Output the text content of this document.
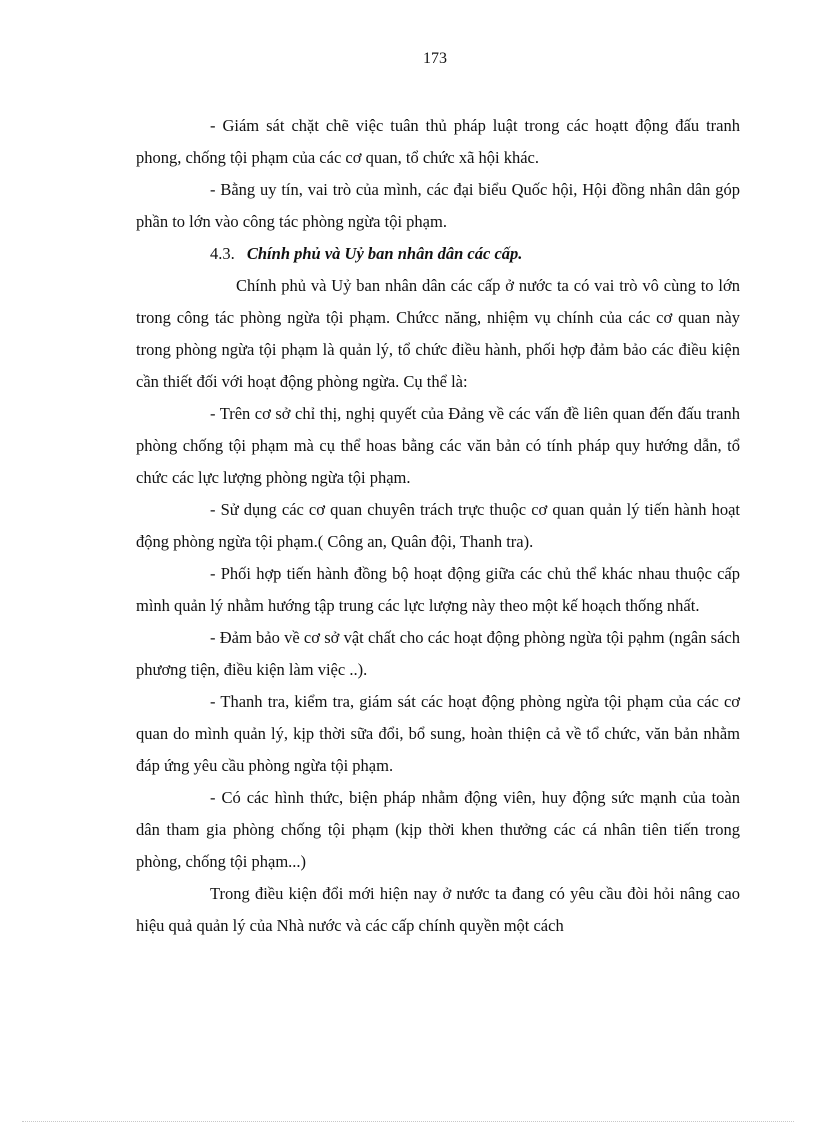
173

- Giám sát chặt chẽ việc tuân thủ pháp luật trong các hoạtt động đấu tranh phong, chống tội phạm của các cơ quan, tổ chức xã hội khác.

- Bằng uy tín, vai trò của mình, các đại biểu Quốc hội, Hội đồng nhân dân góp phần to lớn vào công tác phòng ngừa tội phạm.

4.3. Chính phủ và Uỷ ban nhân dân các cấp.

Chính phủ và Uỷ ban nhân dân các cấp ở nước ta có vai trò vô cùng to lớn trong công tác phòng ngừa tội phạm. Chứcc năng, nhiệm vụ chính của các cơ quan này trong phòng ngừa tội phạm là quản lý, tổ chức điều hành, phối hợp đảm bảo các điều kiện cần thiết đối với hoạt động phòng ngừa. Cụ thể là:

- Trên cơ sở chỉ thị, nghị quyết của Đảng về các vấn đề liên quan đến đấu tranh phòng chống tội phạm mà cụ thể hoas bằng các văn bản có tính pháp quy hướng dẫn, tổ chức các lực lượng phòng ngừa tội phạm.

- Sử dụng các cơ quan chuyên trách trực thuộc cơ quan quản lý tiến hành hoạt động phòng ngừa tội phạm.( Công an, Quân đội, Thanh tra).

- Phối hợp tiến hành đồng bộ hoạt động giữa các chủ thể khác nhau thuộc cấp mình quản lý nhằm hướng tập trung các lực lượng này theo một kế hoạch thống nhất.

- Đảm bảo về cơ sở vật chất cho các hoạt động phòng ngừa tội pạhm (ngân sách phương tiện, điều kiện làm việc ..).

- Thanh tra, kiểm tra, giám sát các hoạt động phòng ngừa tội phạm của các cơ quan do mình quản lý, kịp thời sữa đổi, bổ sung, hoàn thiện cả về tổ chức, văn bản nhằm đáp ứng yêu cầu phòng ngừa tội phạm.

- Có các hình thức, biện pháp nhằm động viên, huy động sức mạnh của toàn dân tham gia phòng chống tội phạm (kịp thời khen thưởng các cá nhân tiên tiến trong phòng, chống tội phạm...)

Trong điều kiện đổi mới hiện nay ở nước ta đang có yêu cầu đòi hỏi nâng cao hiệu quả quản lý của Nhà nước và các cấp chính quyền một cách
